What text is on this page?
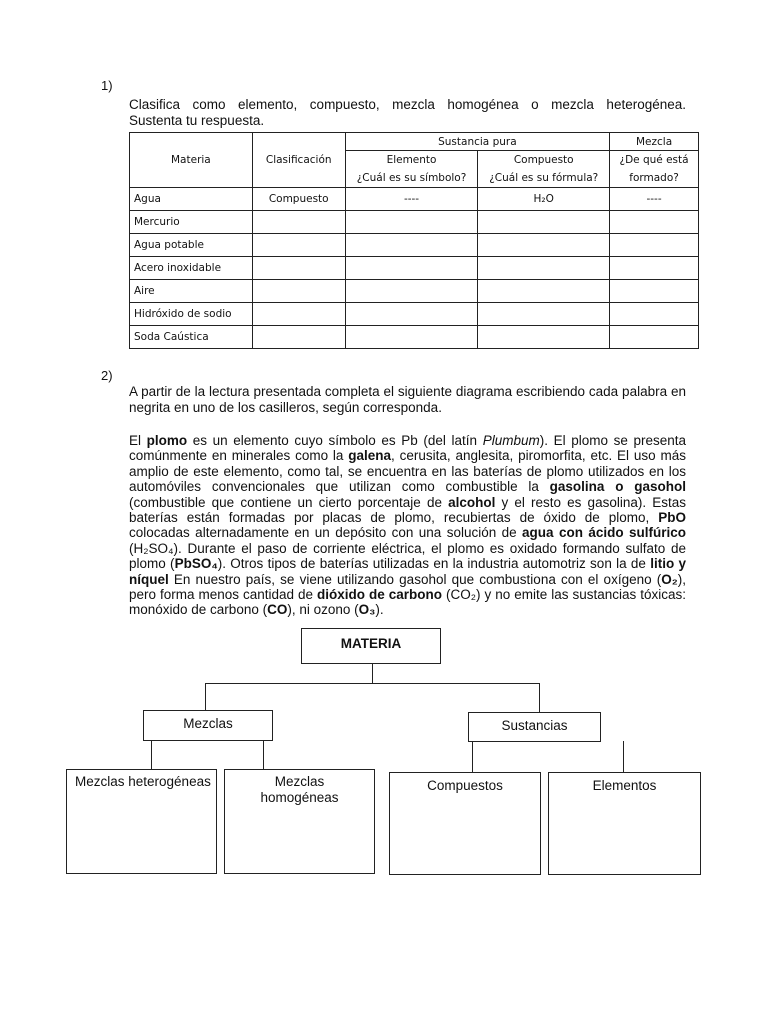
1)
Clasifica como elemento, compuesto, mezcla homogénea o mezcla heterogénea.
Sustenta tu respuesta.
Materia	Clasificación	Sustancia pura		Mezcla
		Elemento	Compuesto	¿De qué está
		¿Cuál es su símbolo?	¿Cuál es su fórmula?	formado?
Agua	Compuesto	----	H₂O	----
Mercurio				
Agua potable				
Acero inoxidable				
Aire				
Hidróxido de sodio				
Soda Caústica				
2)
A partir de la lectura presentada completa el siguiente diagrama escribiendo cada palabra en negrita en uno de los casilleros, según corresponda.
El plomo es un elemento cuyo símbolo es Pb (del latín Plumbum). El plomo se presenta comúnmente en minerales como la galena, cerusita, anglesita, piromorfita, etc. El uso más amplio de este elemento, como tal, se encuentra en las baterías de plomo utilizados en los automóviles convencionales que utilizan como combustible la gasolina o gasohol (combustible que contiene un cierto porcentaje de alcohol y el resto es gasolina). Estas baterías están formadas por placas de plomo, recubiertas de óxido de plomo, PbO colocadas alternadamente en un depósito con una solución de agua con ácido sulfúrico (H₂SO₄). Durante el paso de corriente eléctrica, el plomo es oxidado formando sulfato de plomo (PbSO₄). Otros tipos de baterías utilizadas en la industria automotriz son la de litio y níquel En nuestro país, se viene utilizando gasohol que combustiona con el oxígeno (O₂), pero forma menos cantidad de dióxido de carbono (CO₂) y no emite las sustancias tóxicas: monóxido de carbono (CO), ni ozono (O₃).
MATERIA
Mezclas	Sustancias
Mezclas heterogéneas	Mezclas homogéneas
Compuestos	Elementos
